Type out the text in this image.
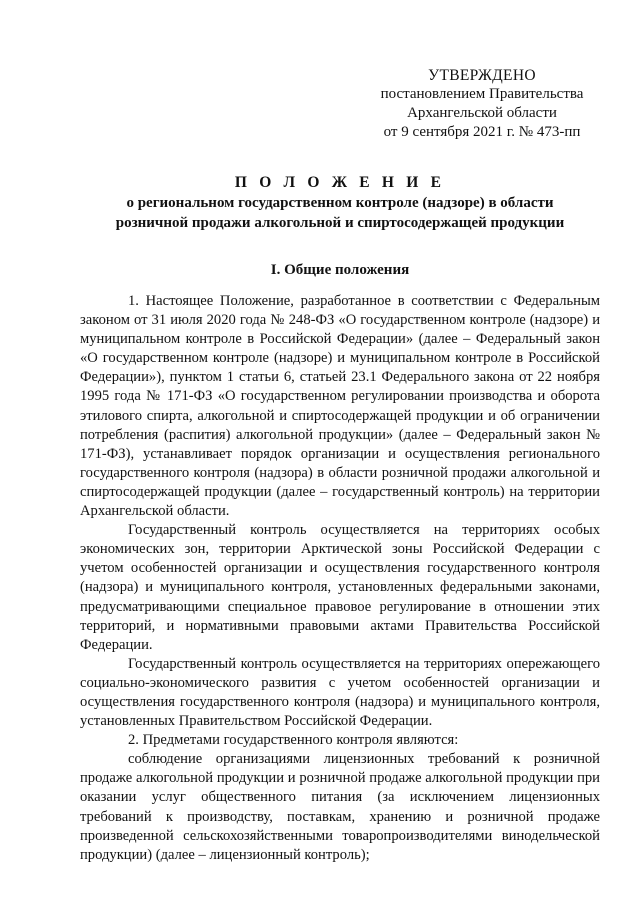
УТВЕРЖДЕНО
постановлением Правительства
Архангельской области
от 9 сентября 2021 г. № 473-пп
П О Л О Ж Е Н И Е
о региональном государственном контроле (надзоре) в области
розничной продажи алкогольной и спиртосодержащей продукции
I. Общие положения

1. Настоящее Положение, разработанное в соответствии с Федеральным законом от 31 июля 2020 года № 248-ФЗ «О государственном контроле (надзоре) и муниципальном контроле в Российской Федерации» (далее – Федеральный закон «О государственном контроле (надзоре) и муниципальном контроле в Российской Федерации»), пунктом 1 статьи 6, статьей 23.1 Федерального закона от 22 ноября 1995 года № 171-ФЗ «О государственном регулировании производства и оборота этилового спирта, алкогольной и спиртосодержащей продукции и об ограничении потребления (распития) алкогольной продукции» (далее – Федеральный закон № 171-ФЗ), устанавливает порядок организации и осуществления регионального государственного контроля (надзора) в области розничной продажи алкогольной и спиртосодержащей продукции (далее – государственный контроль) на территории Архангельской области.

Государственный контроль осуществляется на территориях особых экономических зон, территории Арктической зоны Российской Федерации с учетом особенностей организации и осуществления государственного контроля (надзора) и муниципального контроля, установленных федеральными законами, предусматривающими специальное правовое регулирование в отношении этих территорий, и нормативными правовыми актами Правительства Российской Федерации.

Государственный контроль осуществляется на территориях опережающего социально-экономического развития с учетом особенностей организации и осуществления государственного контроля (надзора) и муниципального контроля, установленных Правительством Российской Федерации.

2. Предметами государственного контроля являются:

соблюдение организациями лицензионных требований к розничной продаже алкогольной продукции и розничной продаже алкогольной продукции при оказании услуг общественного питания (за исключением лицензионных требований к производству, поставкам, хранению и розничной продаже произведенной сельскохозяйственными товаропроизводителями винодельческой продукции) (далее – лицензионный контроль);
